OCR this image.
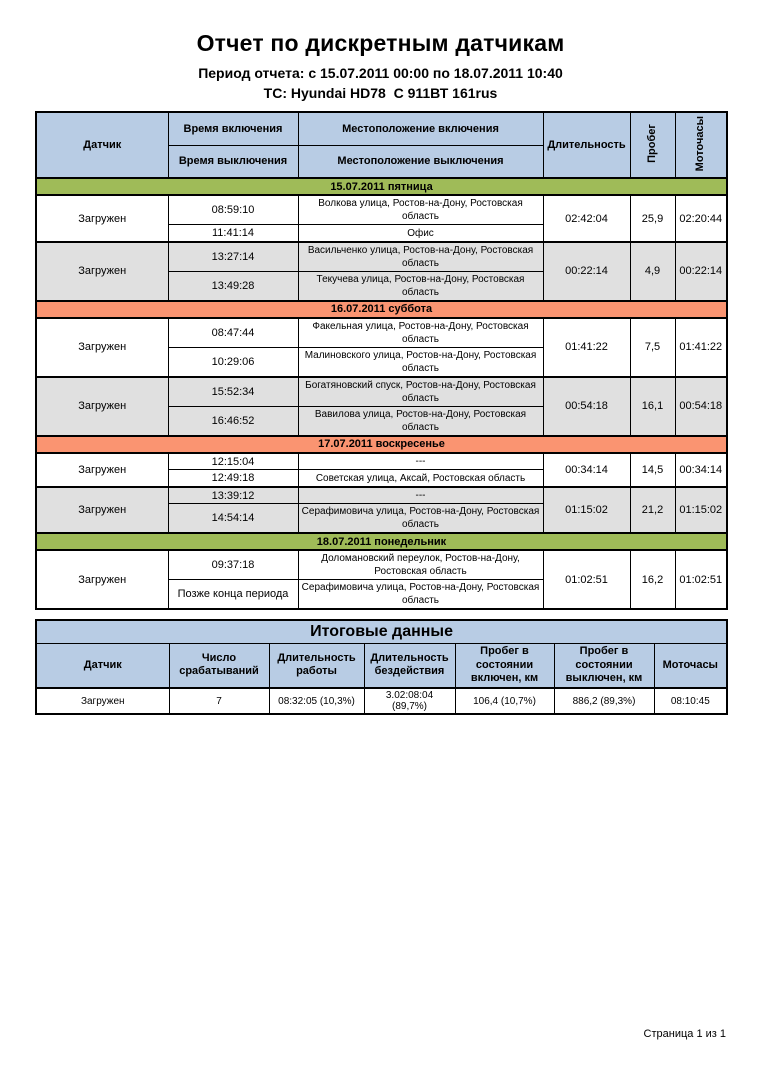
Отчет по дискретным датчикам
Период отчета: с 15.07.2011 00:00 по 18.07.2011 10:40
ТС: Hyundai HD78  С 911ВТ 161rus
Датчик	Время включения	Местоположение включения	Длительность	Пробег	Моточасы
	Время выключения	Местоположение выключения			
15.07.2011 пятница					
Загружен	08:59:10	Волкова улица, Ростов-на-Дону, Ростовская область	02:42:04	25,9	02:20:44
	11:41:14	Офис			
Загружен	13:27:14	Васильченко улица, Ростов-на-Дону, Ростовская область	00:22:14	4,9	00:22:14
	13:49:28	Текучева улица, Ростов-на-Дону, Ростовская область			
16.07.2011 суббота					
Загружен	08:47:44	Факельная улица, Ростов-на-Дону, Ростовская область	01:41:22	7,5	01:41:22
	10:29:06	Малиновского улица, Ростов-на-Дону, Ростовская область			
Загружен	15:52:34	Богатяновский спуск, Ростов-на-Дону, Ростовская область	00:54:18	16,1	00:54:18
	16:46:52	Вавилова улица, Ростов-на-Дону, Ростовская область			
17.07.2011 воскресенье					
Загружен	12:15:04	---	00:34:14	14,5	00:34:14
	12:49:18	Советская улица, Аксай, Ростовская область			
Загружен	13:39:12	---	01:15:02	21,2	01:15:02
	14:54:14	Серафимовича улица, Ростов-на-Дону, Ростовская область			
18.07.2011 понедельник					
Загружен	09:37:18	Доломановский переулок, Ростов-на-Дону, Ростовская область	01:02:51	16,2	01:02:51
	Позже конца периода	Серафимовича улица, Ростов-на-Дону, Ростовская область			
Итоговые данные						
Датчик	Число срабатываний	Длительность работы	Длительность бездействия	Пробег в состоянии включен, км	Пробег в состоянии выключен, км	Моточасы
Загружен	7	08:32:05 (10,3%)	3.02:08:04 (89,7%)	106,4 (10,7%)	886,2 (89,3%)	08:10:45
Страница 1 из 1
